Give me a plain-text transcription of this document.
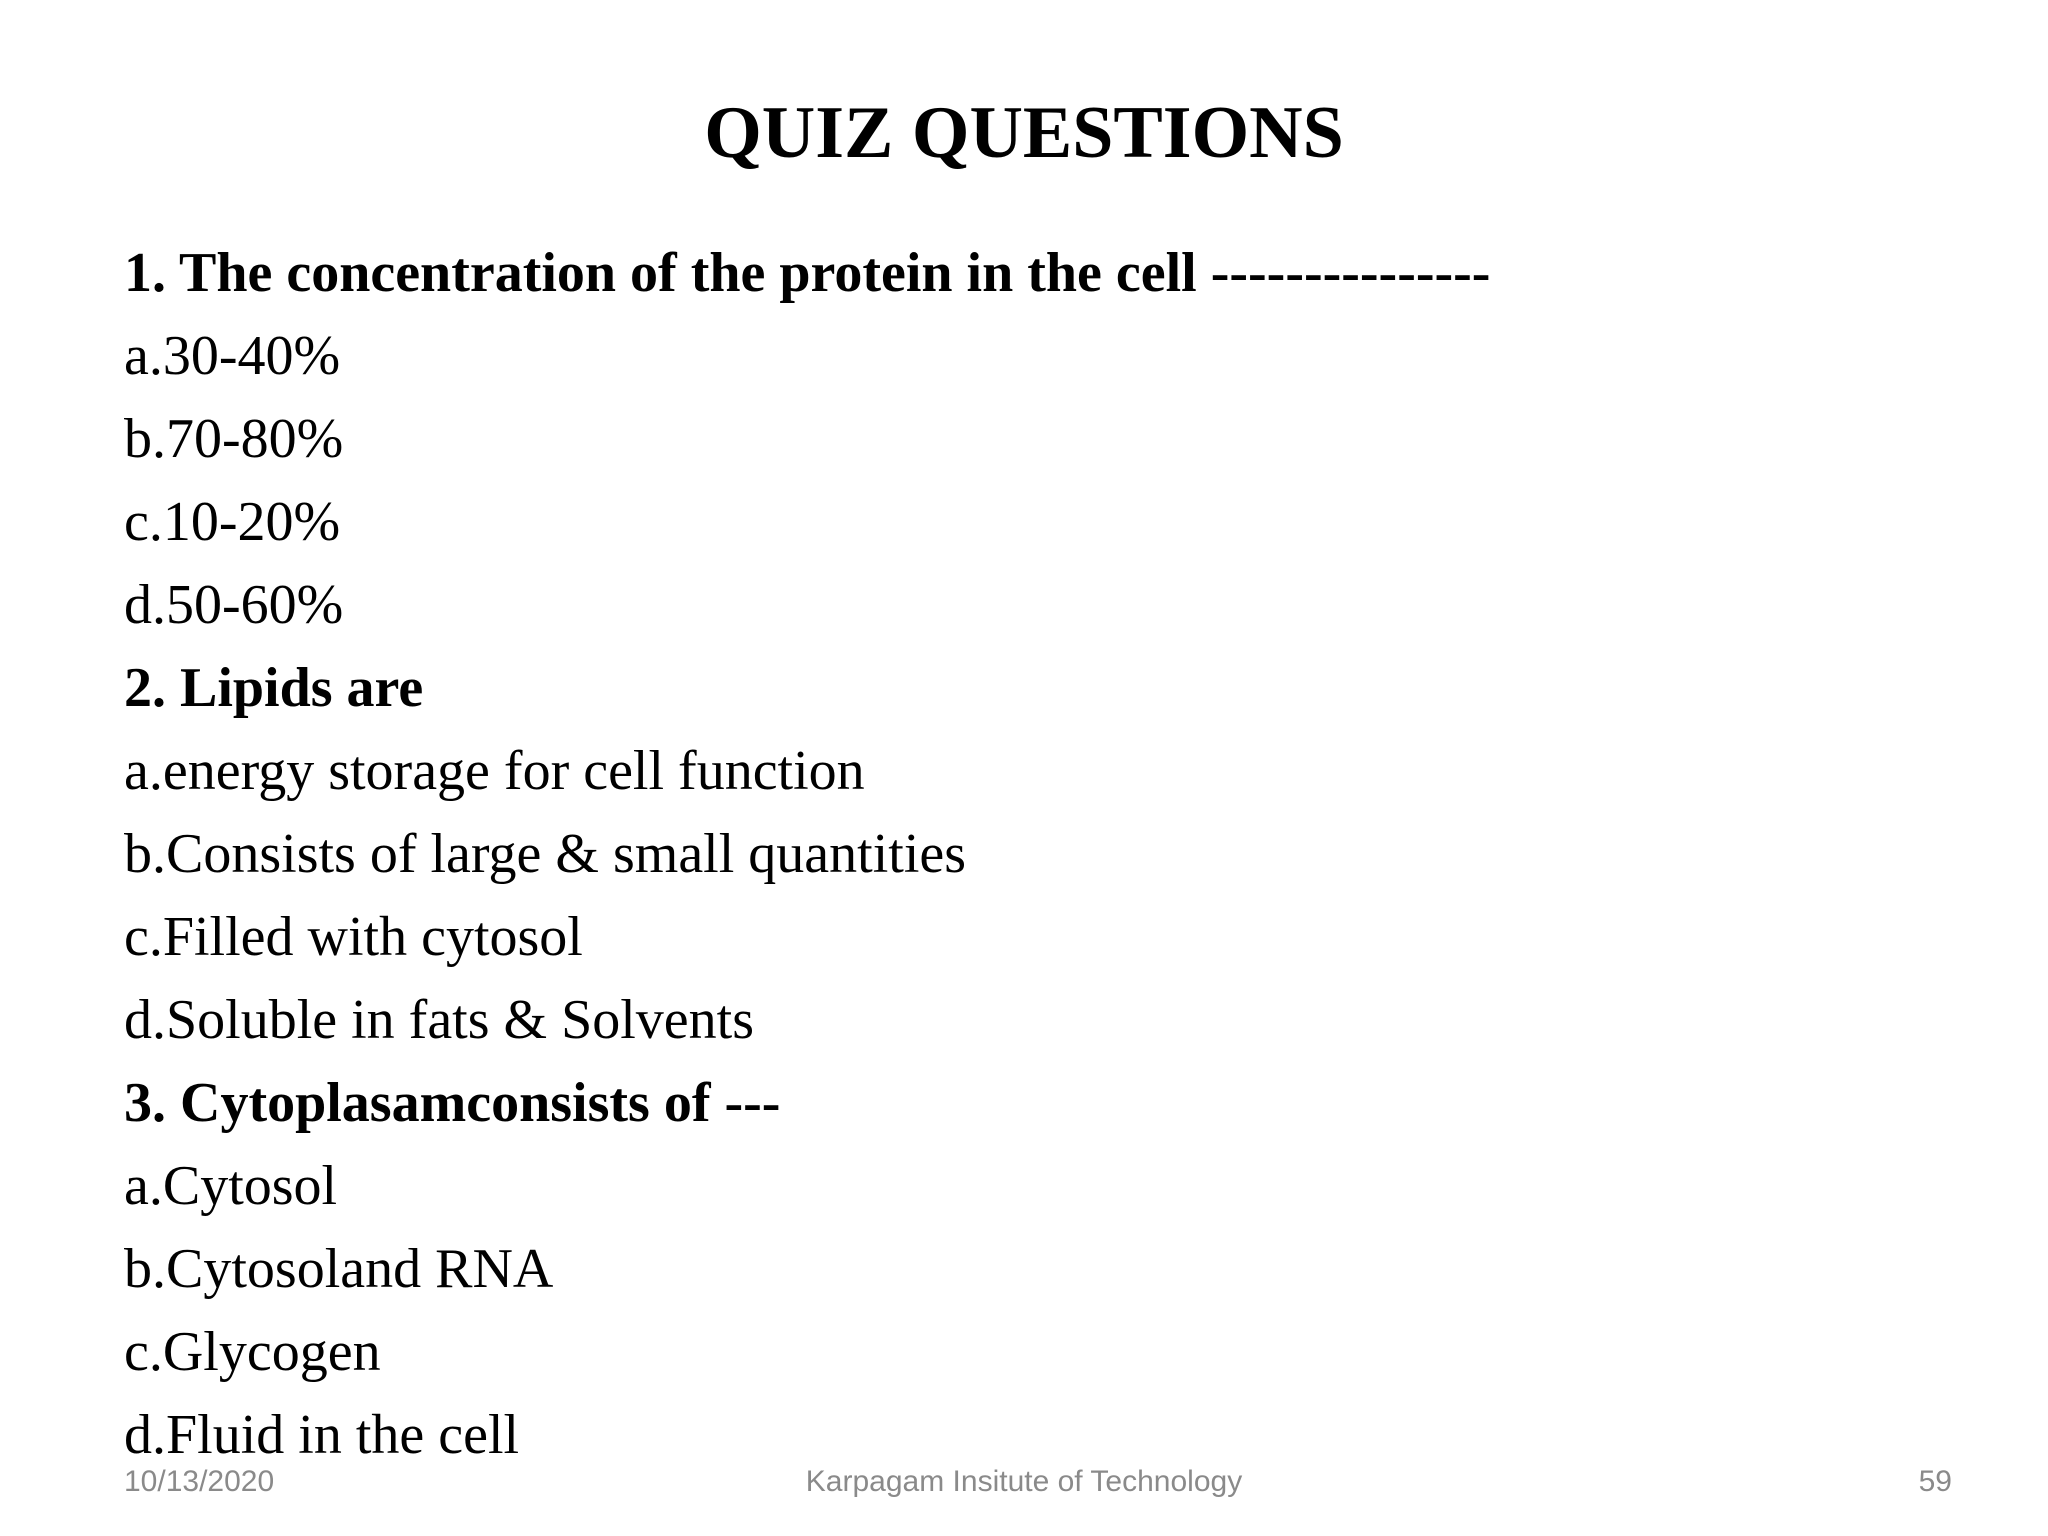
QUIZ QUESTIONS
1. The concentration of the protein in the cell ---------------
a.30-40%
b.70-80%
c.10-20%
d.50-60%
2. Lipids are
a.energy storage for cell function
b.Consists of large & small quantities
c.Filled with cytosol
d.Soluble in fats & Solvents
3. Cytoplasamconsists of ---
a.Cytosol
b.Cytosoland RNA
c.Glycogen
d.Fluid in the cell
10/13/2020	Karpagam Insitute of Technology	59
